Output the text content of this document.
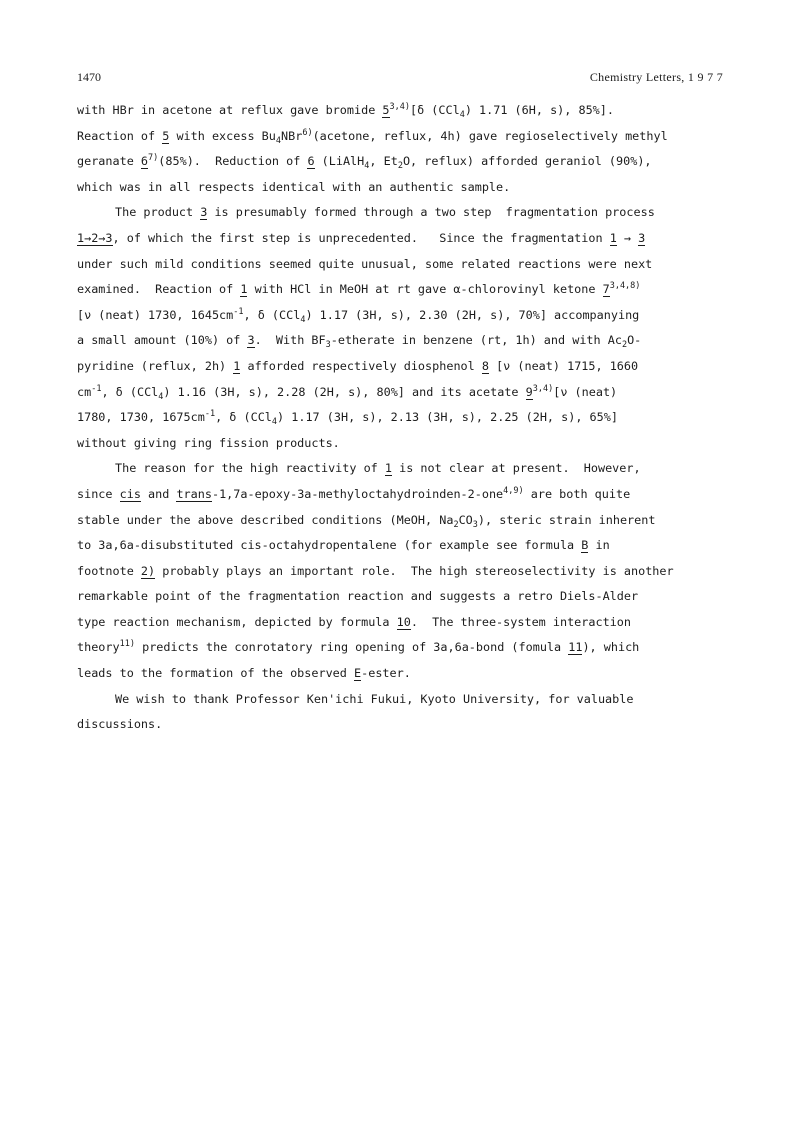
1470	Chemistry Letters, 1 9 7 7
with HBr in acetone at reflux gave bromide 5$^{3,4)}$[δ (CCl$_4$) 1.71 (6H, s), 85%].
Reaction of 5 with excess $Bu_4NBr^{6)}(acetone$, reflux, 4h) gave regioselectively methyl
geranate 6$^{7)}$(85%).  Reduction of 6 (LiAlH$_4$, $Et_2O$, reflux) afforded geraniol (90%),
which was in all respects identical with an authentic sample.
The product 3 is presumably formed through a two step  fragmentation process
1→2→3, of which the first step is unprecedented.   Since the fragmentation 1 → 3
under such mild conditions seemed quite unusual, some related reactions were next
examined.  Reaction of 1 with HCl in MeOH at rt gave α-chlorovinyl ketone 7$^{3,4,8)}$
[ν (neat) 1730, $1645cm^{-1}$, δ (CCl$_4$) 1.17 (3H, s), 2.30 (2H, s), 70%] accompanying
a small amount (10%) of 3.  With $BF_3$-etherate in benzene (rt, 1h) and with $Ac_2O-$
pyridine (reflux, 2h) 1 afforded respectively diosphenol 8 [ν (neat) 1715, 1660
$cm^{-1}$, δ (CCl$_4$) 1.16 (3H, s), 2.28 (2H, s), 80%] and its acetate 9$^{3,4)}$[ν (neat)
1780, 1730, $1675cm^{-1}$, δ (CCl$_4$) 1.17 (3H, s), 2.13 (3H, s), 2.25 (2H, s), 65%]
without giving ring fission products.
The reason for the high reactivity of 1 is not clear at present.  However,
since cis and trans-1,7a-epoxy-3a-methyloctahydroinden-2-one$^{4,9)}$ are both quite
stable under the above described conditions (MeOH, $Na_2CO_3$), steric strain inherent
to 3a,6a-disubstituted cis-octahydropentalene (for example see formula B in
footnote 2) probably plays an important role.  The high stereoselectivity is another
remarkable point of the fragmentation reaction and suggests a retro Diels-Alder
type reaction mechanism, depicted by formula 10.  The three-system interaction
theory$^{11)}$ predicts the conrotatory ring opening of 3a,6a-bond (fomula 11), which
leads to the formation of the observed E-ester.
We wish to thank Professor Ken'ichi Fukui, Kyoto University, for valuable
discussions.
